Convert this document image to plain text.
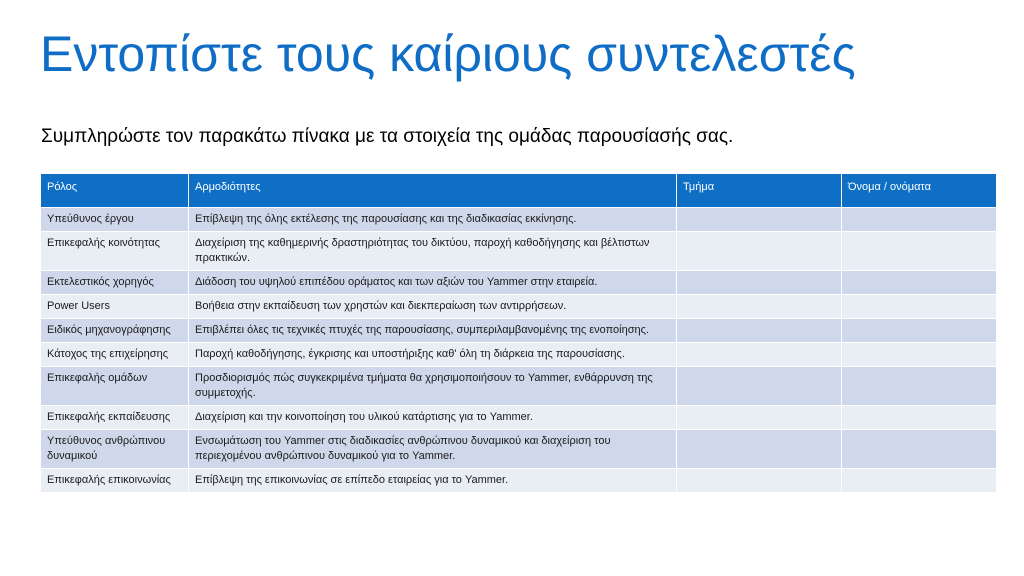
Εντοπίστε τους καίριους συντελεστές
Συμπληρώστε τον παρακάτω πίνακα με τα στοιχεία της ομάδας παρουσίασής σας.
Ρόλος	Αρμοδιότητες	Τμήμα	Όνομα / ονόματα
Υπεύθυνος έργου	Επίβλεψη της όλης εκτέλεσης της παρουσίασης και της διαδικασίας εκκίνησης.		
Επικεφαλής κοινότητας	Διαχείριση της καθημερινής δραστηριότητας του δικτύου, παροχή καθοδήγησης και βέλτιστων πρακτικών.		
Εκτελεστικός χορηγός	Διάδοση του υψηλού επιπέδου οράματος και των αξιών του Yammer στην εταιρεία.		
Power Users	Βοήθεια στην εκπαίδευση των χρηστών και διεκπεραίωση των αντιρρήσεων.		
Ειδικός μηχανογράφησης	Επιβλέπει όλες τις τεχνικές πτυχές της παρουσίασης, συμπεριλαμβανομένης της ενοποίησης.		
Κάτοχος της επιχείρησης	Παροχή καθοδήγησης, έγκρισης και υποστήριξης καθ' όλη τη διάρκεια της παρουσίασης.		
Επικεφαλής ομάδων	Προσδιορισμός πώς συγκεκριμένα τμήματα θα χρησιμοποιήσουν το Yammer, ενθάρρυνση της συμμετοχής.		
Επικεφαλής εκπαίδευσης	Διαχείριση και την κοινοποίηση του υλικού κατάρτισης για το Yammer.		
Υπεύθυνος ανθρώπινου δυναμικού	Ενσωμάτωση του Yammer στις διαδικασίες ανθρώπινου δυναμικού και διαχείριση του περιεχομένου ανθρώπινου δυναμικού για το Yammer.		
Επικεφαλής επικοινωνίας	Επίβλεψη της επικοινωνίας σε επίπεδο εταιρείας για το Yammer.		
